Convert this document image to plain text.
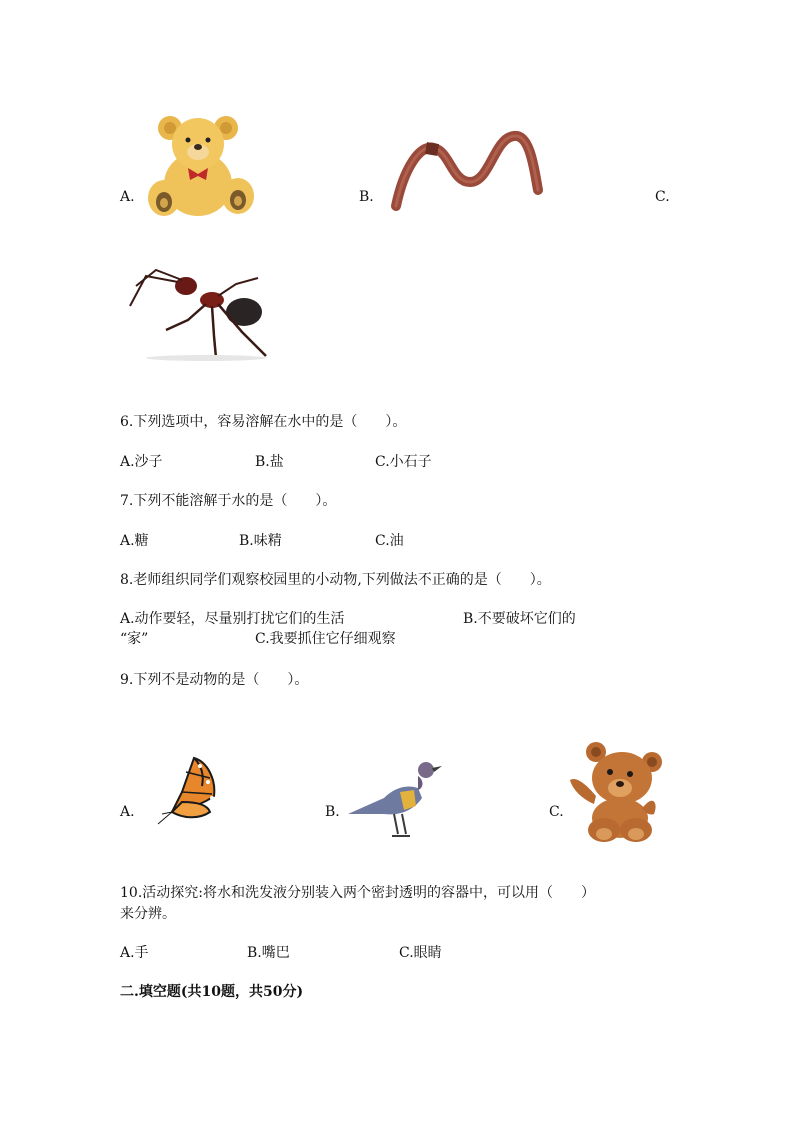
A.	B.	C.
6.下列选项中，容易溶解在水中的是（　　）。
A.沙子	B.盐	C.小石子
7.下列不能溶解于水的是（　　）。
A.糖	B.味精	C.油
8.老师组织同学们观察校园里的小动物,下列做法不正确的是（　　）。
A.动作要轻，尽量别打扰它们的生活	B.不要破坏它们的
“家”	C.我要抓住它仔细观察
9.下列不是动物的是（　　）。
A.	B.	C.
10.活动探究:将水和洗发液分别装入两个密封透明的容器中，可以用（　　）
来分辨。
A.手	B.嘴巴	C.眼睛
二.填空题(共10题，共50分)
